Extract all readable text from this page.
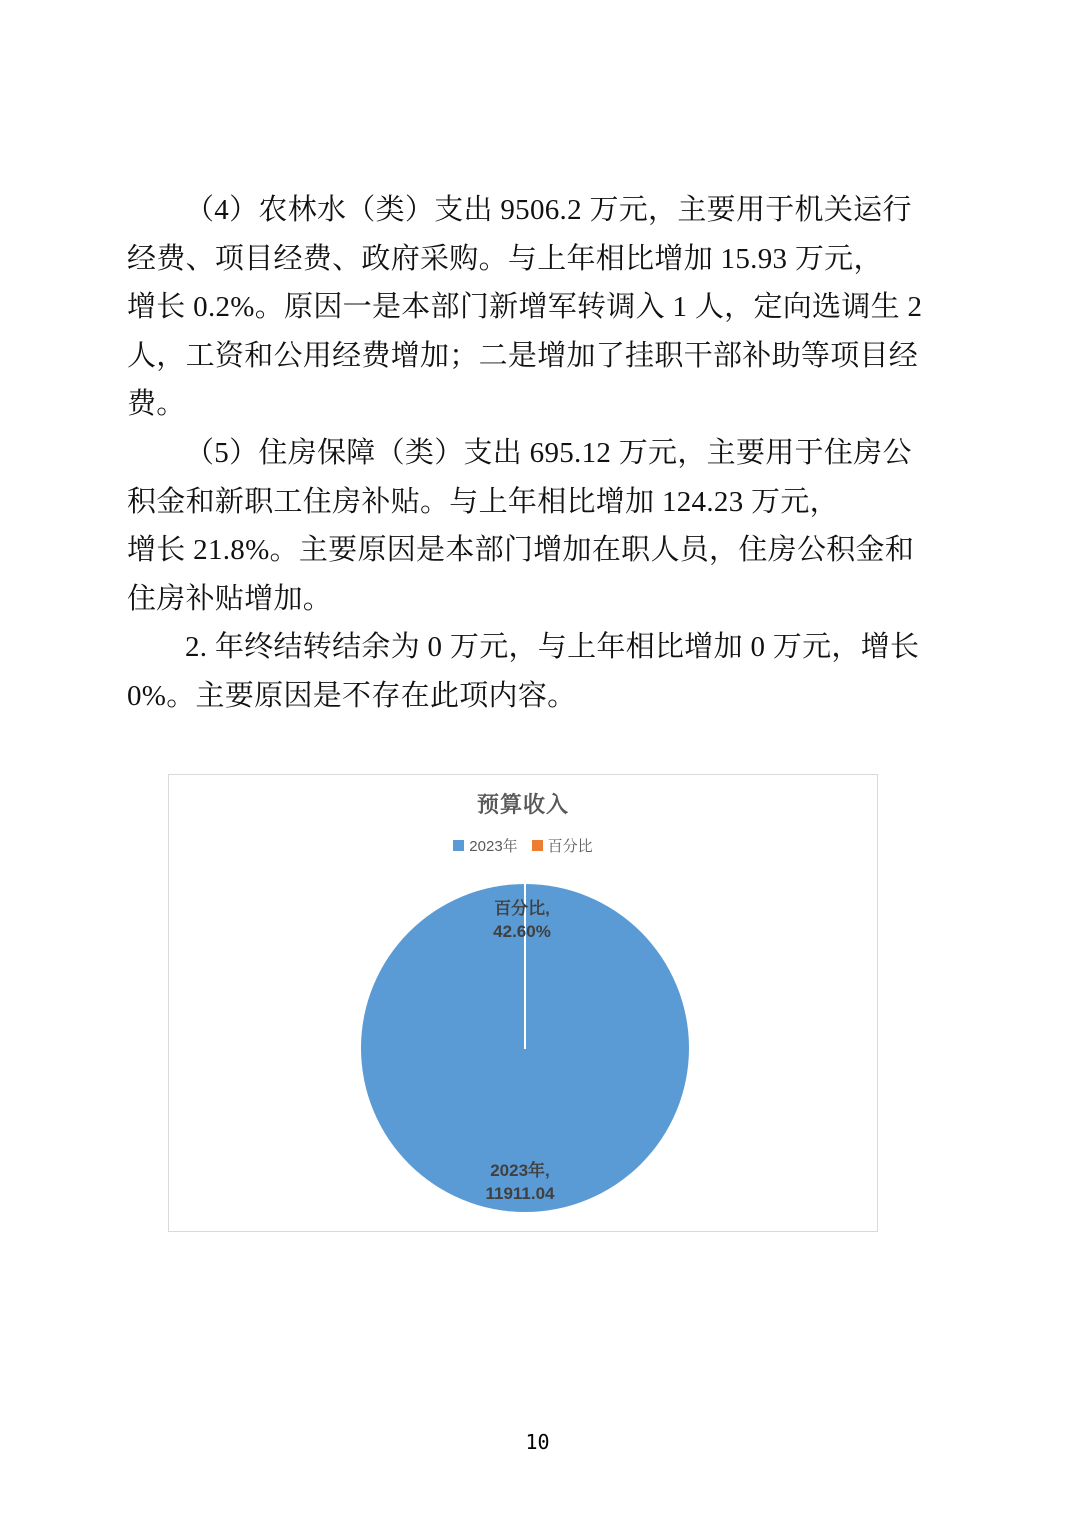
（4）农林水（类）支出 9506.2 万元，主要用于机关运行
经费、项目经费、政府采购。与上年相比增加 15.93 万元，
增长 0.2%。原因一是本部门新增军转调入 1 人，定向选调生 2
人，工资和公用经费增加；二是增加了挂职干部补助等项目经
费。
（5）住房保障（类）支出 695.12 万元，主要用于住房公
积金和新职工住房补贴。与上年相比增加 124.23 万元，
增长 21.8%。主要原因是本部门增加在职人员，住房公积金和
住房补贴增加。
2. 年终结转结余为 0 万元，与上年相比增加 0 万元，增长
0%。主要原因是不存在此项内容。
预算收入
2023年 百分比
百分比,
42.60%
2023年,
11911.04
10
